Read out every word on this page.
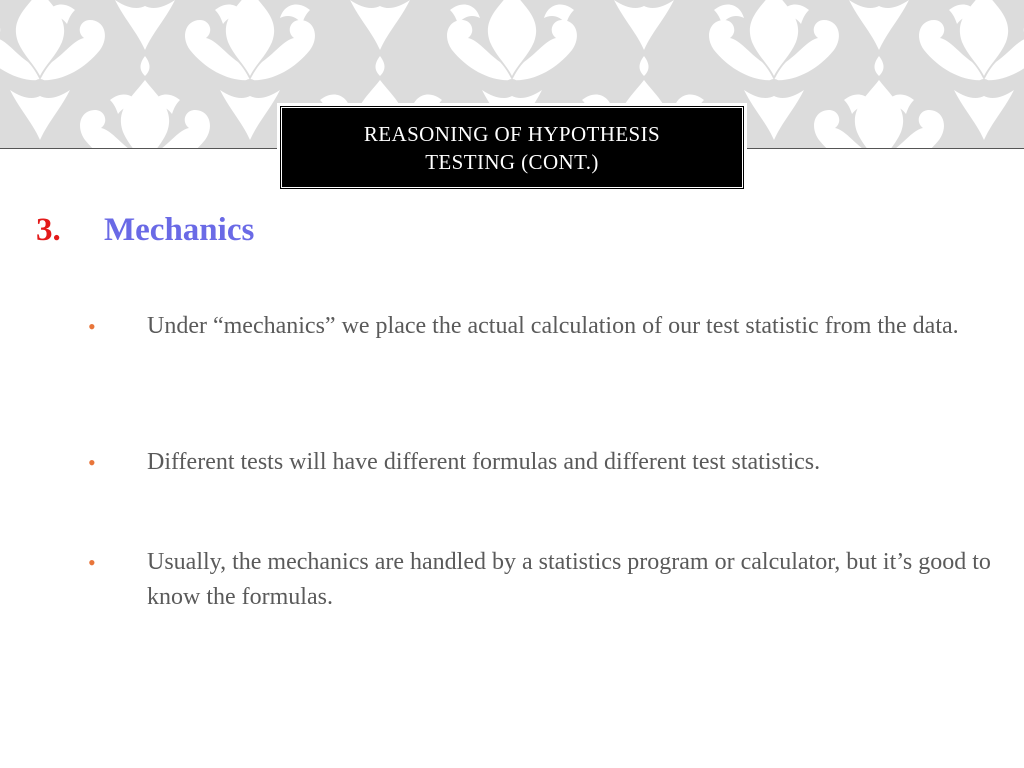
REASONING OF HYPOTHESIS
TESTING (CONT.)
3.	Mechanics
•	Under “mechanics” we place the actual calculation of our test statistic from the data.
•	Different tests will have different formulas and different test statistics.
•	Usually, the mechanics are handled by a statistics program or calculator, but it’s good to know the formulas.
